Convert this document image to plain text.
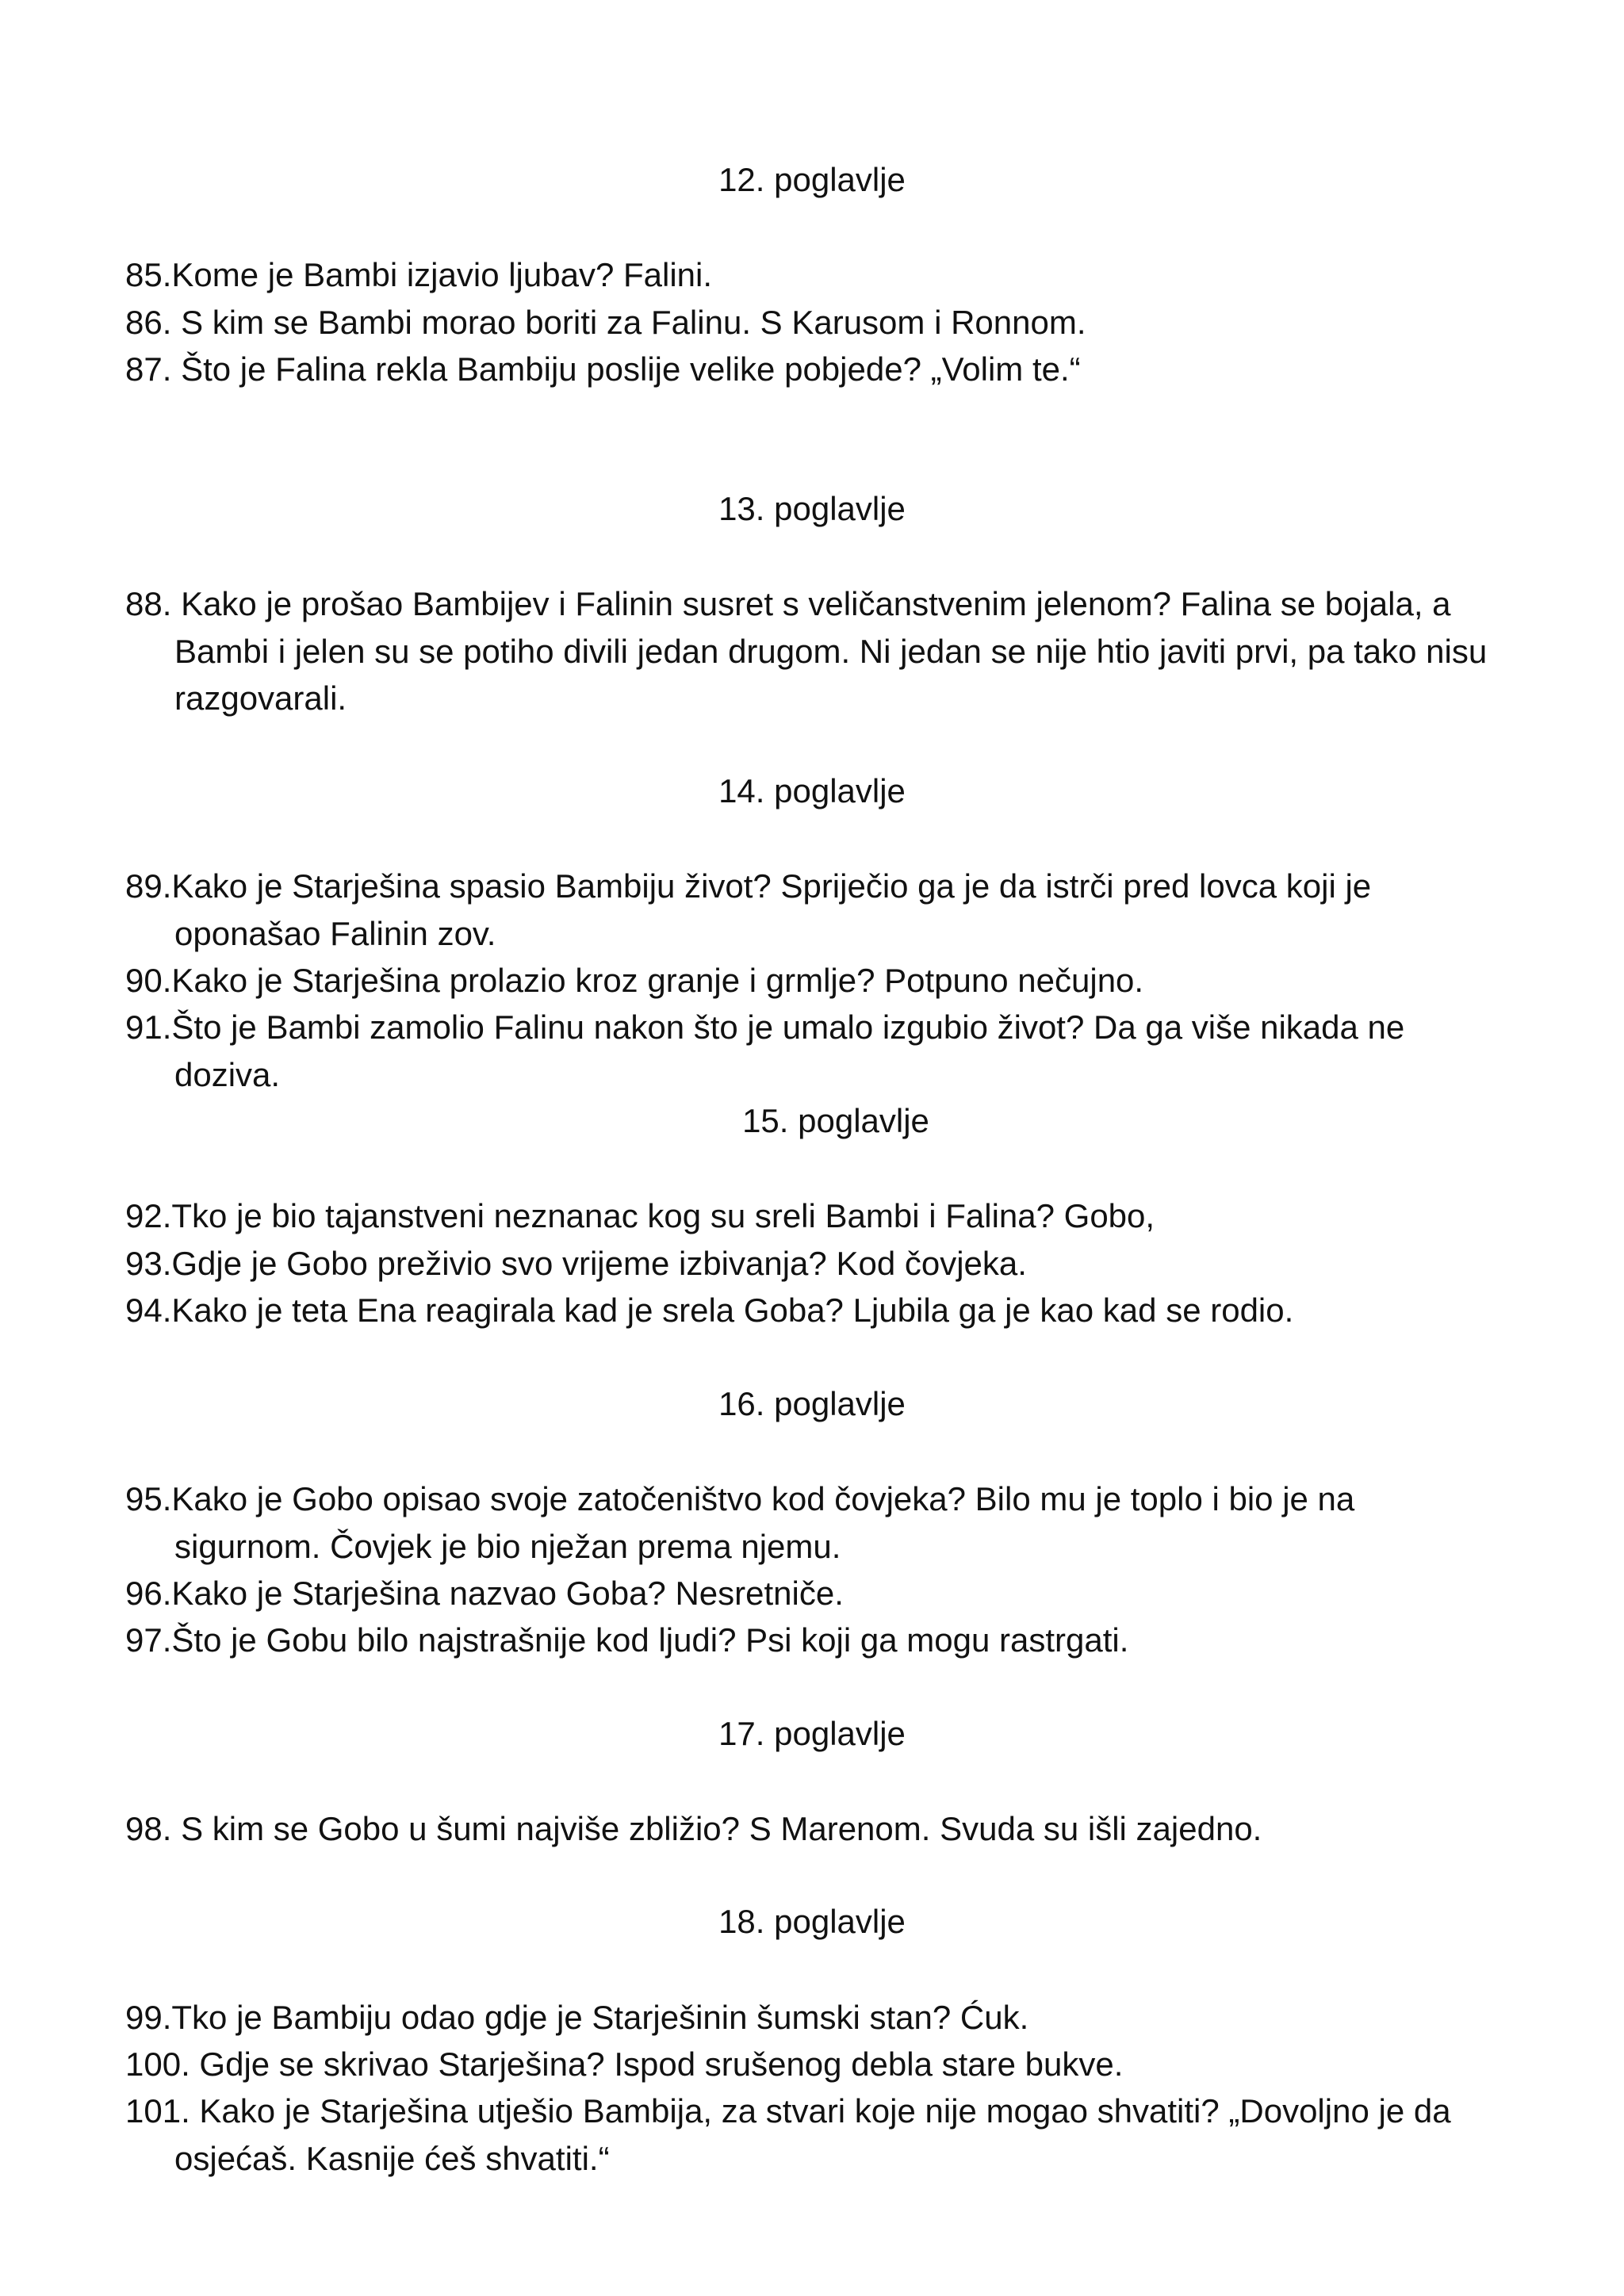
12. poglavlje

85.Kome je Bambi izjavio ljubav? Falini.

86. S kim se Bambi morao boriti za Falinu. S Karusom i Ronnom.

87. Što je Falina rekla Bambiju poslije velike pobjede? „Volim te.“

13. poglavlje

88. Kako je prošao Bambijev i Falinin susret s veličanstvenim jelenom? Falina se bojala, a Bambi i jelen su se potiho divili jedan drugom. Ni jedan se nije htio javiti prvi, pa tako nisu razgovarali.

14. poglavlje

89.Kako je Starješina spasio Bambiju život? Spriječio ga je da istrči pred lovca koji je oponašao Falinin zov.

90.Kako je Starješina prolazio kroz granje i grmlje? Potpuno nečujno.

91.Što je Bambi zamolio Falinu nakon što je umalo izgubio život? Da ga više nikada ne doziva.

15. poglavlje

92.Tko je bio tajanstveni neznanac kog su sreli Bambi i Falina? Gobo,

93.Gdje je Gobo preživio svo vrijeme izbivanja? Kod čovjeka.

94.Kako je teta Ena reagirala kad je srela Goba? Ljubila ga je kao kad se rodio.

16. poglavlje

95.Kako je Gobo opisao svoje zatočeništvo kod čovjeka? Bilo mu je toplo i bio je na sigurnom. Čovjek je bio nježan prema njemu.

96.Kako je Starješina nazvao Goba? Nesretniče.

97.Što je Gobu bilo najstrašnije kod ljudi? Psi koji ga mogu rastrgati.

17. poglavlje

98. S kim se Gobo u šumi najviše zbližio? S Marenom. Svuda su išli zajedno.

18. poglavlje

99.Tko je Bambiju odao gdje je Starješinin šumski stan? Ćuk.

100. Gdje se skrivao Starješina? Ispod srušenog debla stare bukve.

101. Kako je Starješina utješio Bambija, za stvari koje nije mogao shvatiti? „Dovoljno je da osjećaš. Kasnije ćeš shvatiti.“
